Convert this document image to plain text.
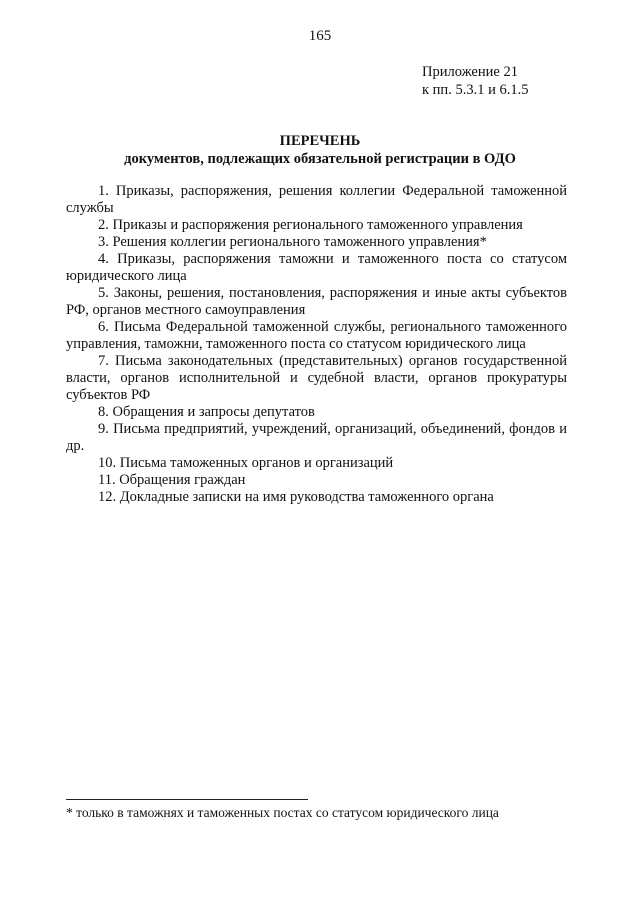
165
Приложение 21
к пп. 5.3.1 и 6.1.5
ПЕРЕЧЕНЬ
документов, подлежащих обязательной регистрации в ОДО

1. Приказы, распоряжения, решения коллегии Федеральной таможенной службы

2. Приказы и распоряжения регионального таможенного управления

3. Решения коллегии регионального таможенного управления*

4. Приказы, распоряжения таможни и таможенного поста со статусом юридического лица

5. Законы, решения, постановления, распоряжения и иные акты субъектов РФ, органов местного самоуправления

6. Письма Федеральной таможенной службы, регионального таможенного управления, таможни, таможенного поста со статусом юридического лица

7. Письма законодательных (представительных) органов государственной власти, органов исполнительной и судебной власти, органов прокуратуры субъектов РФ

8. Обращения и запросы депутатов

9. Письма предприятий, учреждений, организаций, объединений, фондов и др.

10. Письма таможенных органов и организаций

11. Обращения граждан

12. Докладные записки на имя руководства таможенного органа

* только в таможнях и таможенных постах со статусом юридического лица
